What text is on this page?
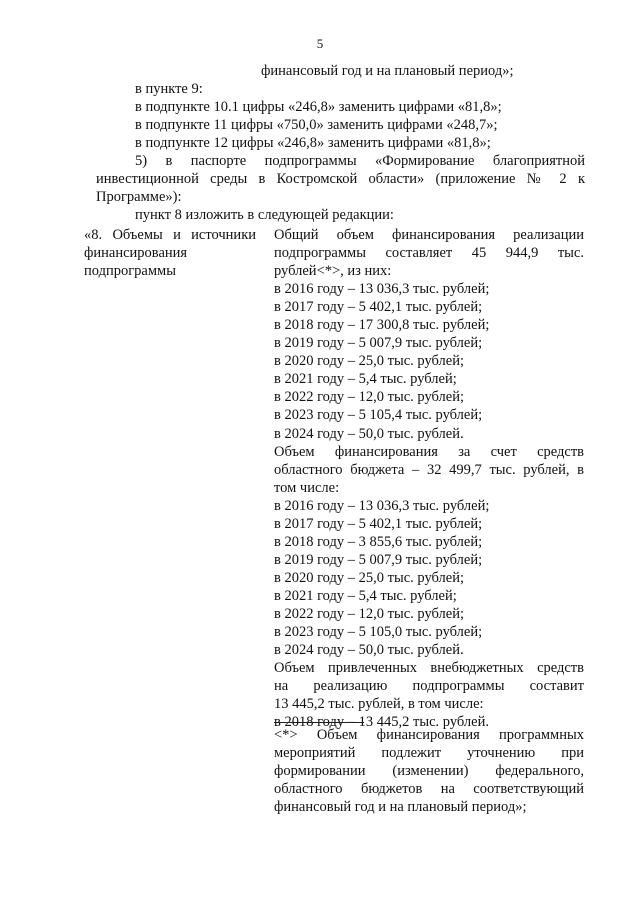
5
финансовый год и на плановый период»;
в пункте 9:
в подпункте 10.1 цифры «246,8» заменить цифрами «81,8»;
в подпункте 11 цифры «750,0» заменить цифрами «248,7»;
в подпункте 12 цифры «246,8» заменить цифрами «81,8»;
5) в паспорте подпрограммы «Формирование благоприятной
инвестиционной среды в Костромской области» (приложение № 2 к
Программе»):
пункт 8 изложить в следующей редакции:
«8. Объемы и источники
финансирования
подпрограммы
Общий объем финансирования реализации
подпрограммы составляет 45 944,9 тыс.
рублей<*>, из них:
в 2016 году – 13 036,3 тыс. рублей;
в 2017 году – 5 402,1 тыс. рублей;
в 2018 году – 17 300,8 тыс. рублей;
в 2019 году – 5 007,9 тыс. рублей;
в 2020 году – 25,0 тыс. рублей;
в 2021 году – 5,4 тыс. рублей;
в 2022 году – 12,0 тыс. рублей;
в 2023 году – 5 105,4 тыс. рублей;
в 2024 году – 50,0 тыс. рублей.
Объем финансирования за счет средств
областного бюджета – 32 499,7 тыс. рублей, в
том числе:
в 2016 году – 13 036,3 тыс. рублей;
в 2017 году – 5 402,1 тыс. рублей;
в 2018 году – 3 855,6 тыс. рублей;
в 2019 году – 5 007,9 тыс. рублей;
в 2020 году – 25,0 тыс. рублей;
в 2021 году – 5,4 тыс. рублей;
в 2022 году – 12,0 тыс. рублей;
в 2023 году – 5 105,0 тыс. рублей;
в 2024 году – 50,0 тыс. рублей.
Объем привлеченных внебюджетных средств
на реализацию подпрограммы составит
13 445,2 тыс. рублей, в том числе:
в 2018 году – 13 445,2 тыс. рублей.
<*> Объем финансирования программных
мероприятий подлежит уточнению при
формировании (изменении) федерального,
областного бюджетов на соответствующий
финансовый год и на плановый период»;
